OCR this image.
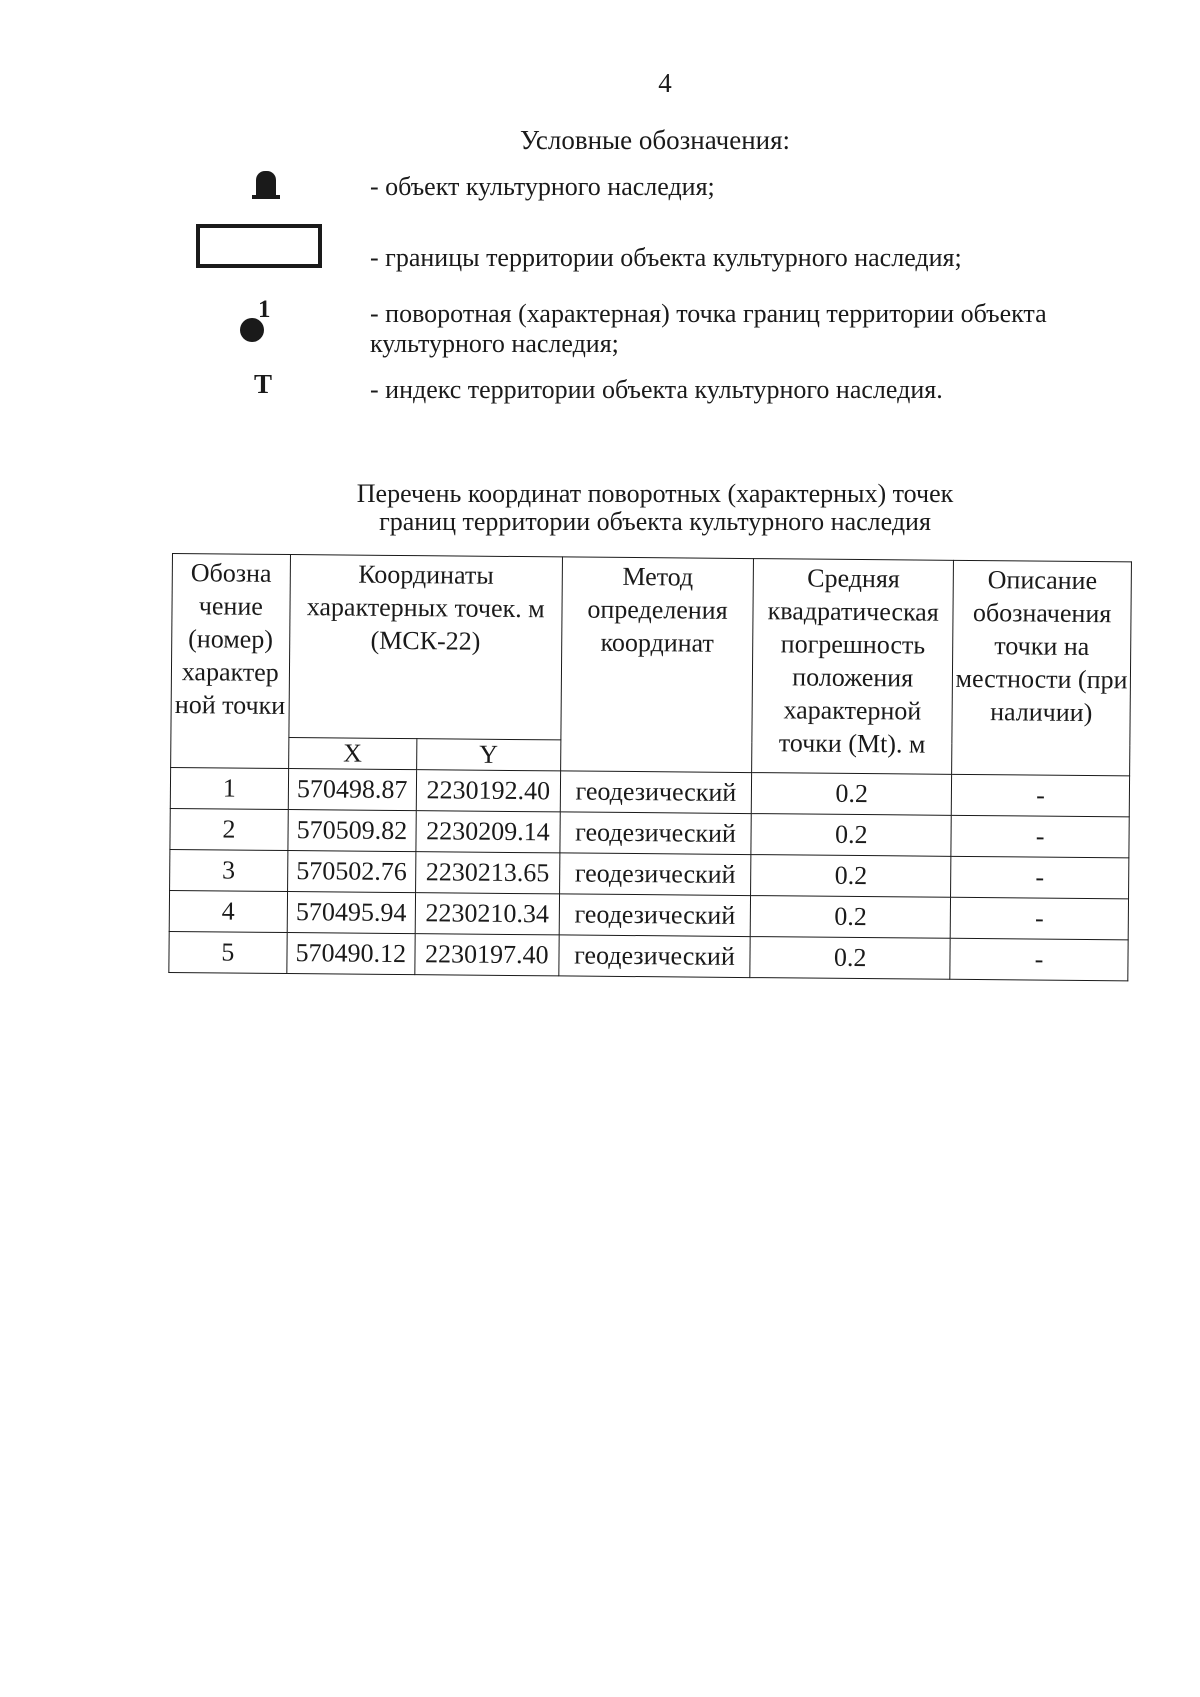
4
Условные обозначения:
- объект культурного наследия;
- границы территории объекта культурного наследия;
1	- поворотная (характерная) точка границ территории объекта культурного наследия;
T	- индекс территории объекта культурного наследия.
Перечень координат поворотных (характерных) точек
границ территории объекта культурного наследия
Обозна чение (номер) характер ной точки	Координаты характерных точек. м (МСК-22)		Метод определения координат	Средняя квадратическая погрешность положения характерной точки (Mt). м	Описание обозначения точки на местности (при наличии)
	X	Y			
1	570498.87	2230192.40	геодезический	0.2	-
2	570509.82	2230209.14	геодезический	0.2	-
3	570502.76	2230213.65	геодезический	0.2	-
4	570495.94	2230210.34	геодезический	0.2	-
5	570490.12	2230197.40	геодезический	0.2	-
